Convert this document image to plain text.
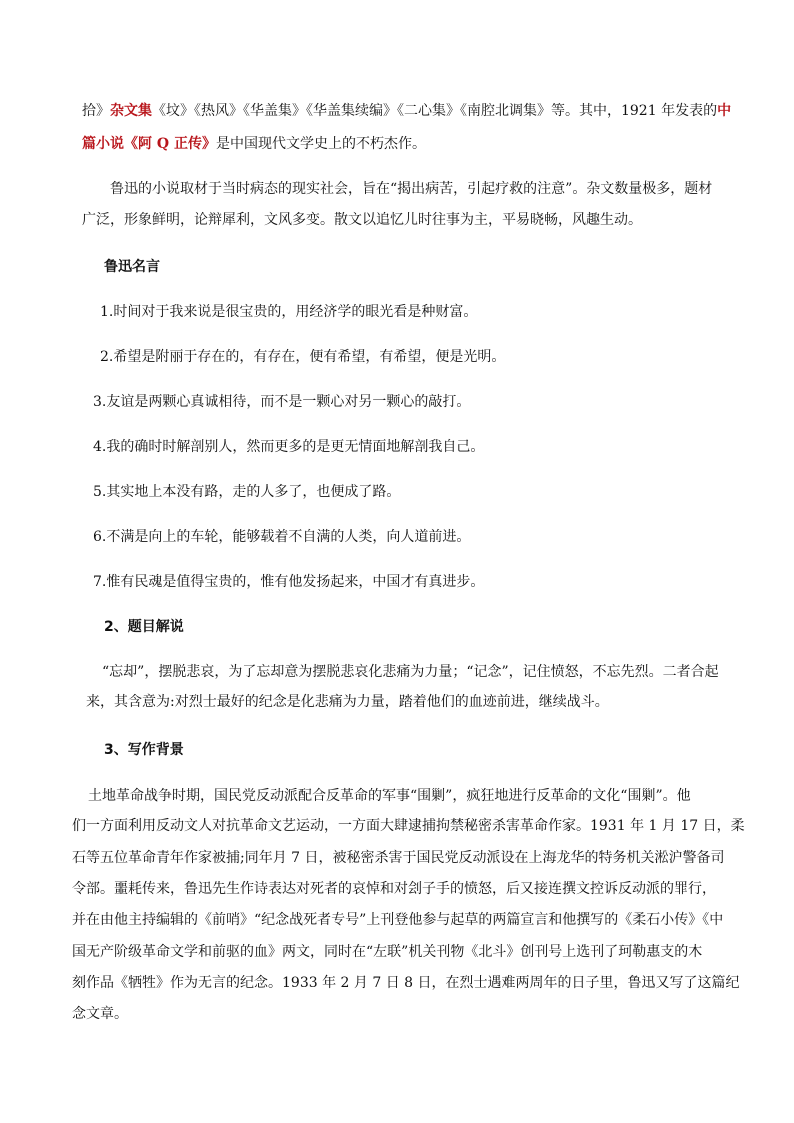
拾》杂文集《坟》《热风》《华盖集》《华盖集续编》《二心集》《南腔北调集》等。其中，1921 年发表的中
篇小说《阿 Q 正传》是中国现代文学史上的不朽杰作。
鲁迅的小说取材于当时病态的现实社会，旨在“揭出病苦，引起疗救的注意”。杂文数量极多，题材
广泛，形象鲜明，论辩犀利，文风多变。散文以追忆儿时往事为主，平易晓畅，风趣生动。
鲁迅名言
1.时间对于我来说是很宝贵的，用经济学的眼光看是种财富。
2.希望是附丽于存在的，有存在，便有希望，有希望，便是光明。
3.友谊是两颗心真诚相待，而不是一颗心对另一颗心的敲打。
4.我的确时时解剖别人，然而更多的是更无情面地解剖我自己。
5.其实地上本没有路，走的人多了，也便成了路。
6.不满是向上的车轮，能够载着不自满的人类，向人道前进。
7.惟有民魂是值得宝贵的，惟有他发扬起来，中国才有真进步。
2、题目解说
“忘却”，摆脱悲哀，为了忘却意为摆脱悲哀化悲痛为力量；“记念”，记住愤怒，不忘先烈。二者合起
来，其含意为:对烈士最好的纪念是化悲痛为力量，踏着他们的血迹前进，继续战斗。
3、写作背景
土地革命战争时期，国民党反动派配合反革命的军事“围剿”，疯狂地进行反革命的文化“围剿”。他
们一方面利用反动文人对抗革命文艺运动，一方面大肆逮捕拘禁秘密杀害革命作家。1931 年 1 月 17 日，柔
石等五位革命青年作家被捕;同年月 7 日，被秘密杀害于国民党反动派设在上海龙华的特务机关淞沪警备司
令部。噩耗传来，鲁迅先生作诗表达对死者的哀悼和对刽子手的愤怒，后又接连撰文控诉反动派的罪行，
并在由他主持编辑的《前哨》“纪念战死者专号”上刊登他参与起草的两篇宣言和他撰写的《柔石小传》《中
国无产阶级革命文学和前驱的血》两文，同时在“左联”机关刊物《北斗》创刊号上选刊了珂勒惠支的木
刻作品《牺牲》作为无言的纪念。1933 年 2 月 7 日 8 日，在烈士遇难两周年的日子里，鲁迅又写了这篇纪
念文章。
